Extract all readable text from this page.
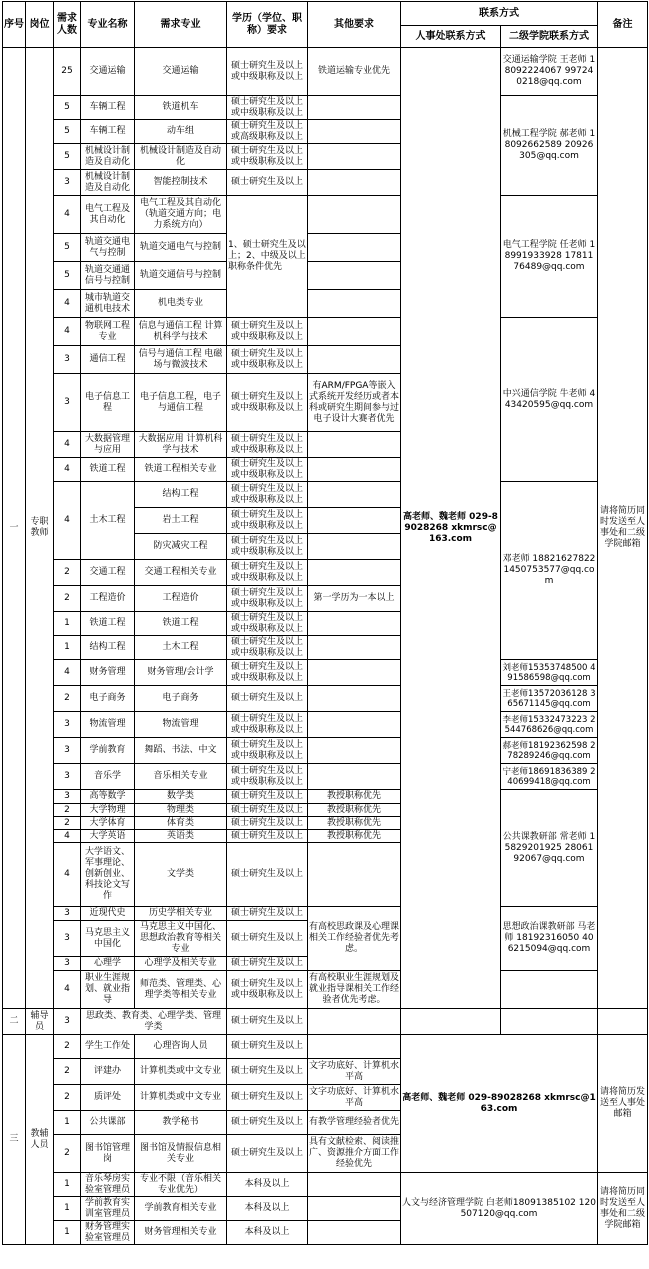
序号	岗位	需求人数	专业名称	需求专业	学历（学位、职称）要求	其他要求	联系方式		备注
							人事处联系方式	二级学院联系方式	
一	专职教师	25	交通运输	交通运输	硕士研究生及以上或中级职称及以上	铁道运输专业优先	高老师、魏老师 029-89028268 xkmrsc@163.com	交通运输学院 王老师 18092224067 997240218@qq.com	请将简历同时发送至人事处和二级学院邮箱
		5	车辆工程	铁道机车	硕士研究生及以上或中级职称及以上			机械工程学院 郝老师 18092662589 20926305@qq.com	
		5	车辆工程	动车组	硕士研究生及以上或高级职称及以上				
		5	机械设计制造及自动化	机械设计制造及自动化	硕士研究生及以上或中级职称及以上				
		3	机械设计制造及自动化	智能控制技术	硕士研究生及以上				
		4	电气工程及其自动化	电气工程及其自动化（轨道交通方向；电力系统方向）	1、硕士研究生及以上；2、中级及以上职称条件优先			电气工程学院 任老师 18991933928 1781176489@qq.com	
		5	轨道交通电气与控制	轨道交通电气与控制					
		5	轨道交通通信号与控制	轨道交通信号与控制					
		4	城市轨道交通机电技术	机电类专业					
		4	物联网工程专业	信息与通信工程 计算机科学与技术	硕士研究生及以上或中级职称及以上			中兴通信学院 牛老师 443420595@qq.com	
		3	通信工程	信号与通信工程 电磁场与微波技术	硕士研究生及以上或中级职称及以上				
		3	电子信息工程	电子信息工程，电子与通信工程	硕士研究生及以上或中级职称及以上	有ARM/FPGA等嵌入式系统开发经历或者本科或研究生期间参与过电子设计大赛者优先			
		4	大数据管理与应用	大数据应用 计算机科学与技术	硕士研究生及以上或中级职称及以上				
		4	铁道工程	铁道工程相关专业	硕士研究生及以上或中级职称及以上				
		4	土木工程	结构工程	硕士研究生及以上或中级职称及以上			邓老师 18821627822 1450753577@qq.com	
				岩土工程	硕士研究生及以上或中级职称及以上				
				防灾减灾工程	硕士研究生及以上或中级职称及以上				
		2	交通工程	交通工程相关专业	硕士研究生及以上或中级职称及以上				
		2	工程造价	工程造价	硕士研究生及以上或中级职称及以上	第一学历为一本以上			
		1	铁道工程	铁道工程	硕士研究生及以上或中级职称及以上				
		1	结构工程	土木工程	硕士研究生及以上或中级职称及以上				
		4	财务管理	财务管理/会计学	硕士研究生及以上或中级职称及以上			刘老师15353748500 491586598@qq.com	
		2	电子商务	电子商务	硕士研究生及以上			王老师13572036128 365671145@qq.com	
		3	物流管理	物流管理	硕士研究生及以上或中级职称及以上			李老师15332473223 2544768626@qq.com	
		3	学前教育	舞蹈、书法、中文	硕士研究生及以上或中级职称及以上			郝老师18192362598 278289246@qq.com	
		3	音乐学	音乐相关专业	硕士研究生及以上或中级职称及以上			宁老师18691836389 240699418@qq.com	
		3	高等数学	数学类	硕士研究生及以上	教授职称优先		公共课教研部 常老师 15829201925 2806192067@qq.com	
		2	大学物理	物理类	硕士研究生及以上	教授职称优先			
		2	大学体育	体育类	硕士研究生及以上	教授职称优先			
		4	大学英语	英语类	硕士研究生及以上	教授职称优先			
		4	大学语文、军事理论、创新创业、科技论文写作	文学类	硕士研究生及以上				
		3	近现代史	历史学相关专业	硕士研究生及以上	有高校思政课及心理课相关工作经验者优先考虑。		思想政治课教研部 马老师 18192316050 406215094@qq.com	
		3	马克思主义中国化	马克思主义中国化、思想政治教育等相关专业	硕士研究生及以上				
		3	心理学	心理学及相关专业	硕士研究生及以上				
		4	职业生涯规划、就业指导	师范类、管理类、心理学类等相关专业	硕士研究生及以上或中级职称及以上	有高校职业生涯规划及就业指导课相关工作经验者优先考虑。			
二	辅导员	3	思政类、教育类、心理学类、管理学类		硕士研究生及以上				
三	教辅人员	2	学生工作处	心理咨询人员	硕士研究生及以上		高老师、魏老师 029-89028268 xkmrsc@163.com		请将简历发送至人事处邮箱
		2	评建办	计算机类或中文专业	硕士研究生及以上	文字功底好、计算机水平高			
		2	质评处	计算机类或中文专业	硕士研究生及以上	文字功底好、计算机水平高			
		1	公共课部	教学秘书	硕士研究生及以上	有教学管理经验者优先			
		2	图书馆管理岗	图书馆及情报信息相关专业	硕士研究生及以上	具有文献检索、阅读推广、资源推介方面工作经验优先			
		1	音乐琴房实验室管理员	专业不限（音乐相关专业优先）	本科及以上		人文与经济管理学院 白老师18091385102 120507120@qq.com		请将简历同时发送至人事处和二级学院邮箱
		1	学前教育实训室管理员	学前教育相关专业	本科及以上				
		1	财务管理实验室管理员	财务管理相关专业	本科及以上				
